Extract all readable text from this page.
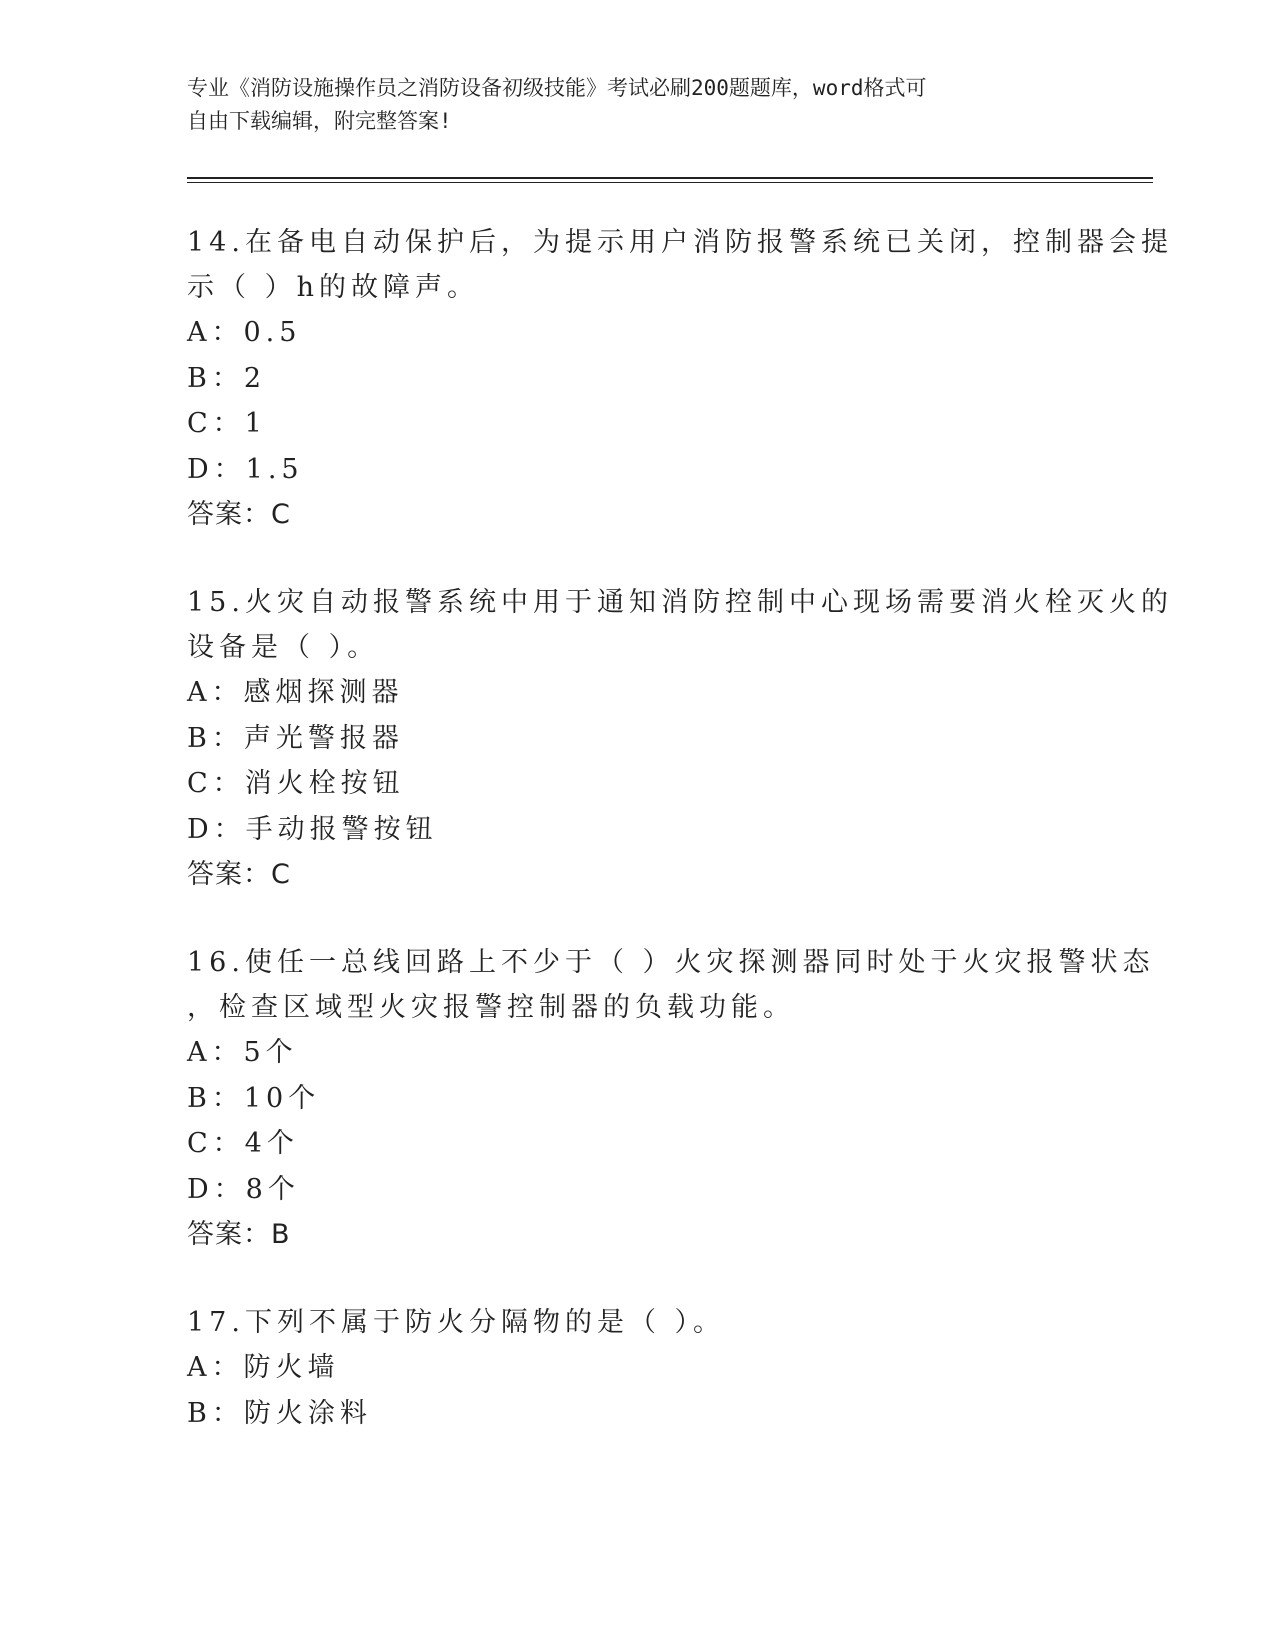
专业《消防设施操作员之消防设备初级技能》考试必刷200题题库，word格式可
自由下载编辑，附完整答案!
14.在备电自动保护后，为提示用户消防报警系统已关闭，控制器会提
示（ ）h的故障声。
A：0.5
B：2
C：1
D：1.5
答案：C
15.火灾自动报警系统中用于通知消防控制中心现场需要消火栓灭火的
设备是（ ）。
A：感烟探测器
B：声光警报器
C：消火栓按钮
D：手动报警按钮
答案：C
16.使任一总线回路上不少于（ ）火灾探测器同时处于火灾报警状态
，检查区域型火灾报警控制器的负载功能。
A：5个
B：10个
C：4个
D：8个
答案：B
17.下列不属于防火分隔物的是（ ）。
A：防火墙
B：防火涂料
